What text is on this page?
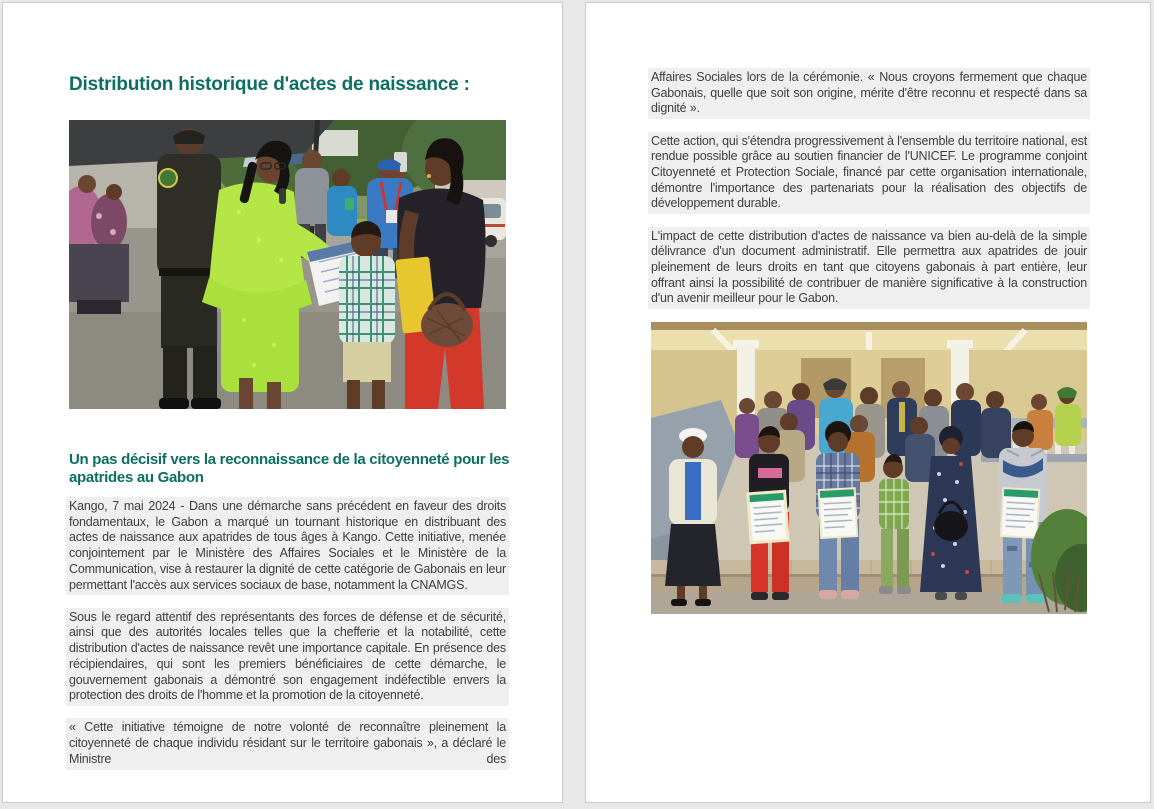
Distribution historique d'actes de naissance :
Un pas décisif vers la reconnaissance de la citoyenneté pour les apatrides au Gabon

Kango, 7 mai 2024 - Dans une démarche sans précédent en faveur des droits fondamentaux, le Gabon a marqué un tournant historique en distribuant des actes de naissance aux apatrides de tous âges à Kango. Cette initiative, menée conjointement par le Ministère des Affaires Sociales et le Ministère de la Communication, vise à restaurer la dignité de cette catégorie de Gabonais en leur permettant l'accès aux services sociaux de base, notamment la CNAMGS.

Sous le regard attentif des représentants des forces de défense et de sécurité, ainsi que des autorités locales telles que la chefferie et la notabilité, cette distribution d'actes de naissance revêt une importance capitale. En présence des récipiendaires, qui sont les premiers bénéficiaires de cette démarche, le gouvernement gabonais a démontré son engagement indéfectible envers la protection des droits de l'homme et la promotion de la citoyenneté.

« Cette initiative témoigne de notre volonté de reconnaître pleinement la citoyenneté de chaque individu résidant sur le territoire gabonais », a déclaré le Ministre des

Affaires Sociales lors de la cérémonie. « Nous croyons fermement que chaque Gabonais, quelle que soit son origine, mérite d'être reconnu et respecté dans sa dignité ».

Cette action, qui s'étendra progressivement à l'ensemble du territoire national, est rendue possible grâce au soutien financier de l'UNICEF. Le programme conjoint Citoyenneté et Protection Sociale, financé par cette organisation internationale, démontre l'importance des partenariats pour la réalisation des objectifs de développement durable.

L'impact de cette distribution d'actes de naissance va bien au-delà de la simple délivrance d'un document administratif. Elle permettra aux apatrides de jouir pleinement de leurs droits en tant que citoyens gabonais à part entière, leur offrant ainsi la possibilité de contribuer de manière significative à la construction d'un avenir meilleur pour le Gabon.
